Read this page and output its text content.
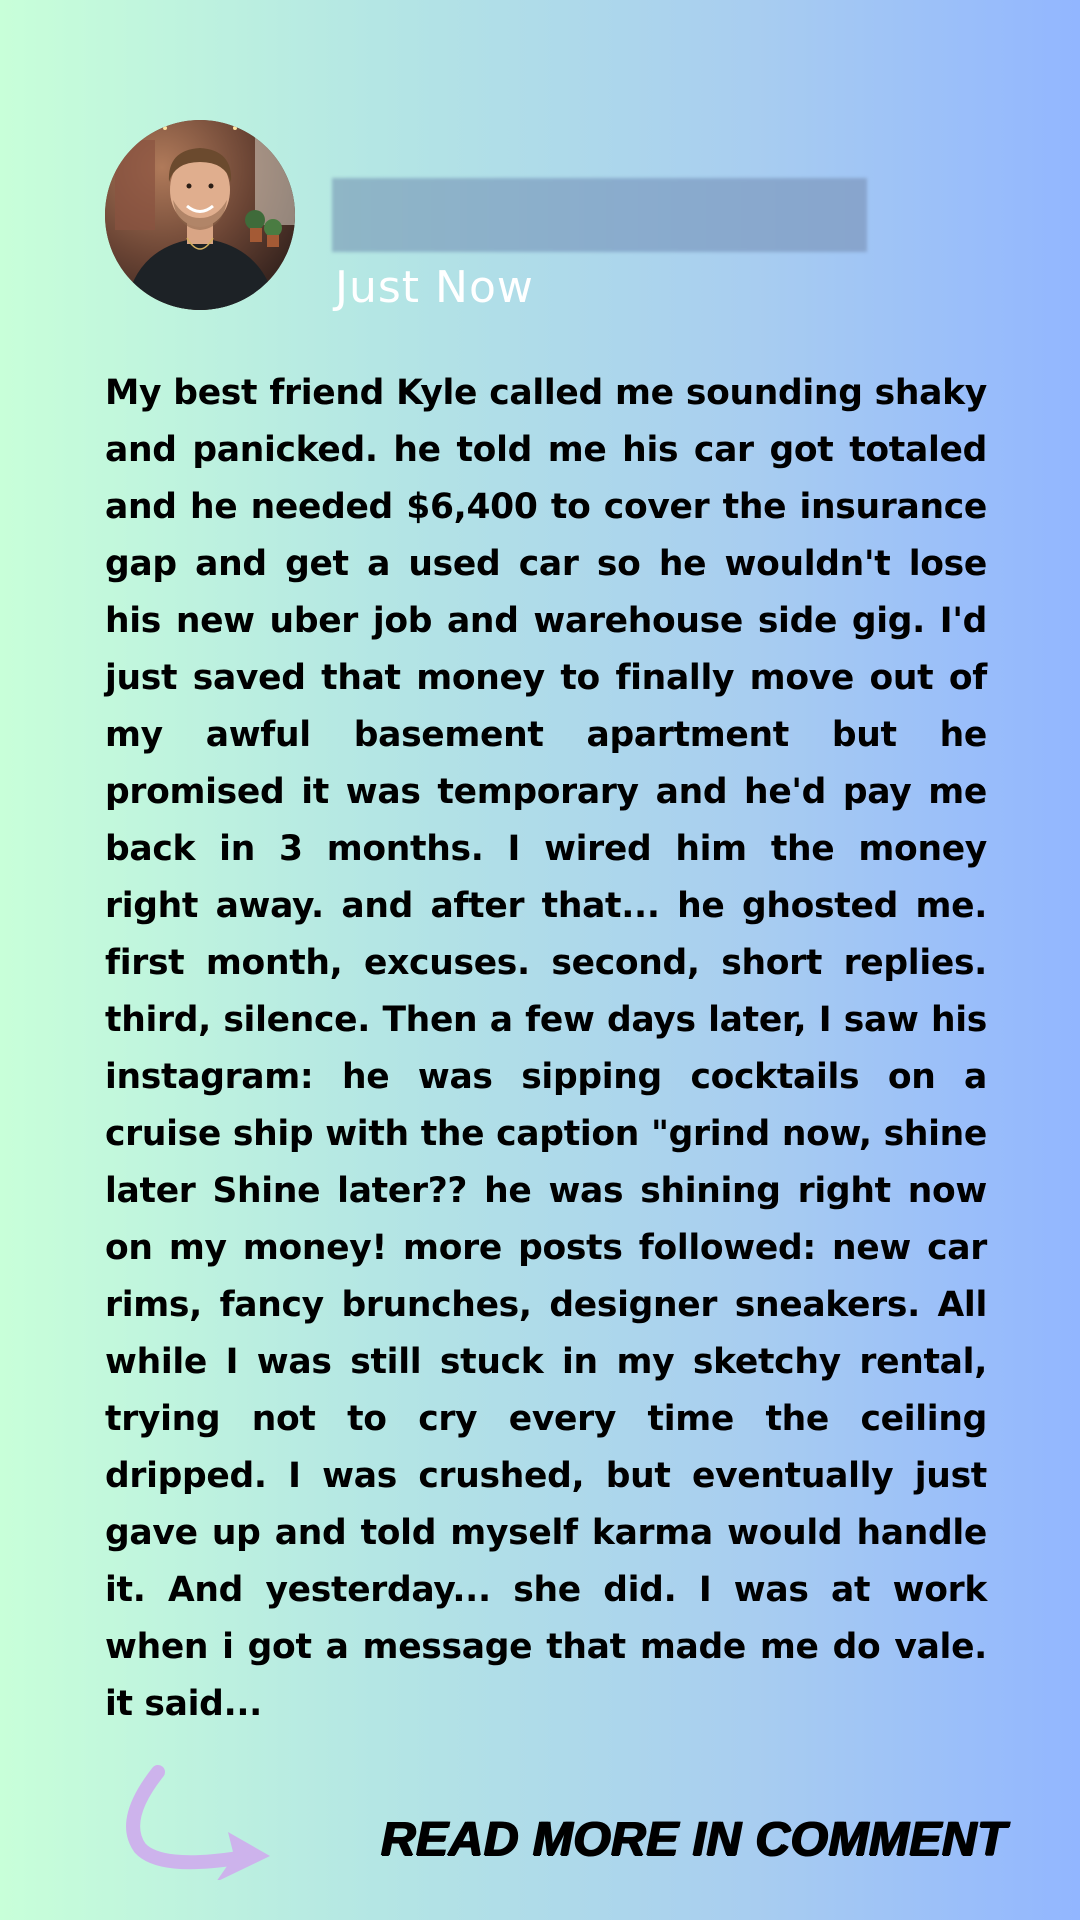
Just Now

My best friend Kyle called me sounding shaky and panicked. he told me his car got totaled and he needed $6,400 to cover the insurance gap and get a used car so he wouldn't lose his new uber job and warehouse side gig. I'd just saved that money to finally move out of my awful basement apartment but he promised it was temporary and he'd pay me back in 3 months. I wired him the money right away. and after that... he ghosted me. first month, excuses. second, short replies. third, silence. Then a few days later, I saw his instagram: he was sipping cocktails on a cruise ship with the caption "grind now, shine later Shine later?? he was shining right now on my money! more posts followed: new car rims, fancy brunches, designer sneakers. All while I was still stuck in my sketchy rental, trying not to cry every time the ceiling dripped. I was crushed, but eventually just gave up and told myself karma would handle it. And yesterday... she did. I was at work when i got a message that made me do vale. it said...

READ MORE IN COMMENT
